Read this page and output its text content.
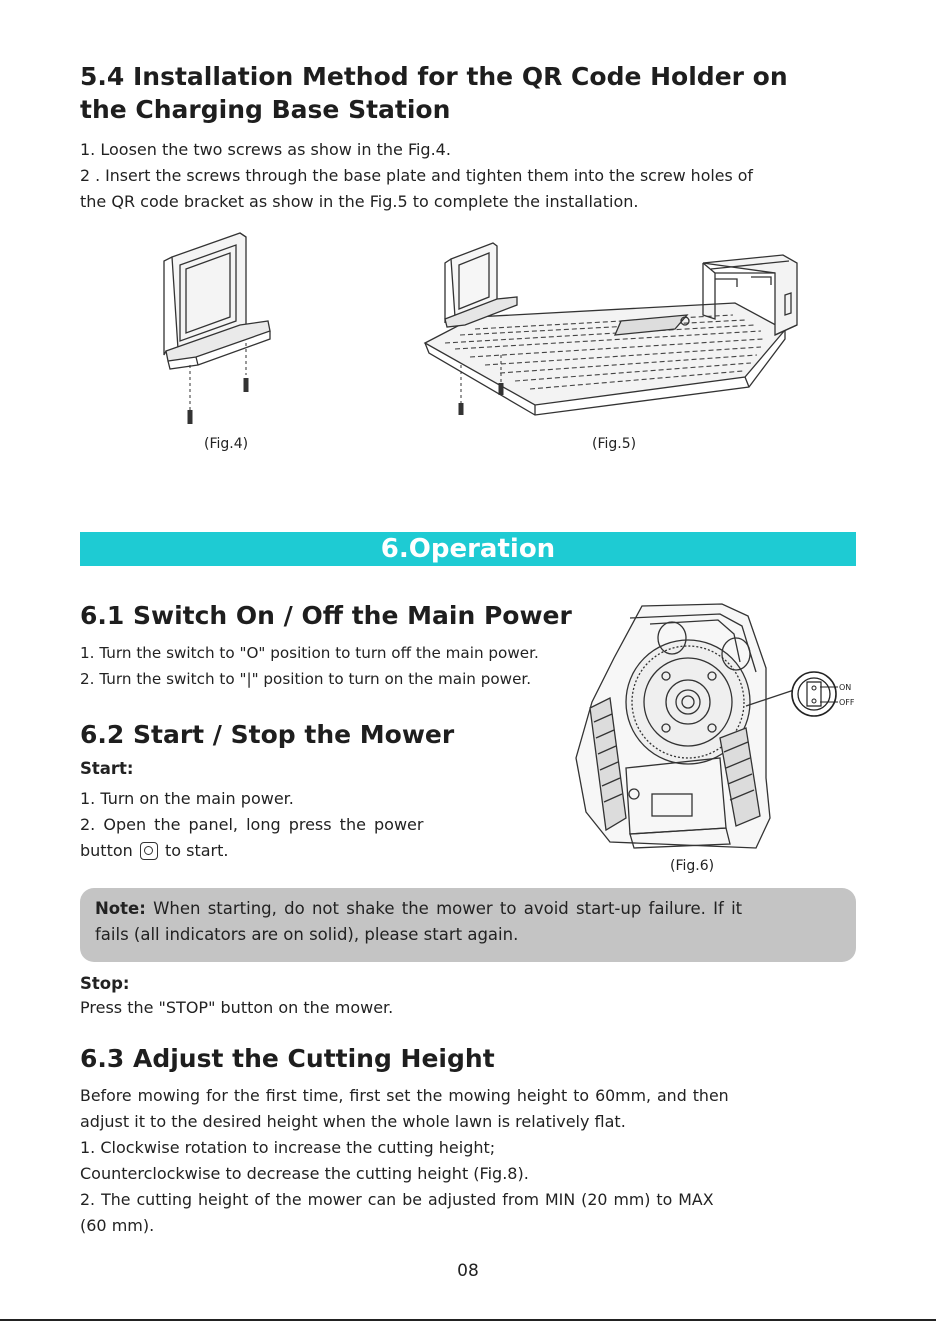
5.4 Installation Method for the QR Code Holder on
the Charging Base Station
1. Loosen the two screws as show in the Fig.4.
2 . Insert the screws through the base plate and tighten them into the screw holes of
the QR code bracket as show in the Fig.5 to complete the installation.
(Fig.4)	(Fig.5)
6.Operation
6.1 Switch On / Off the Main Power
1. Turn the switch to "O" position to turn off the main power.
2. Turn the switch to "|" position to turn on the main power.
6.2 Start / Stop the Mower
Start:
1. Turn on the main power.
2. Open the panel, long press the power
button to start.
ON
OFF
(Fig.6)
Note: When starting, do not shake the mower to avoid start-up failure. If it
fails (all indicators are on solid), please start again.
Stop:
Press the "STOP" button on the mower.
6.3 Adjust the Cutting Height
Before mowing for the first time, first set the mowing height to 60mm, and then
adjust it to the desired height when the whole lawn is relatively flat.
1. Clockwise rotation to increase the cutting height;
Counterclockwise to decrease the cutting height (Fig.8).
2. The cutting height of the mower can be adjusted from MIN (20 mm) to MAX
(60 mm).
08
